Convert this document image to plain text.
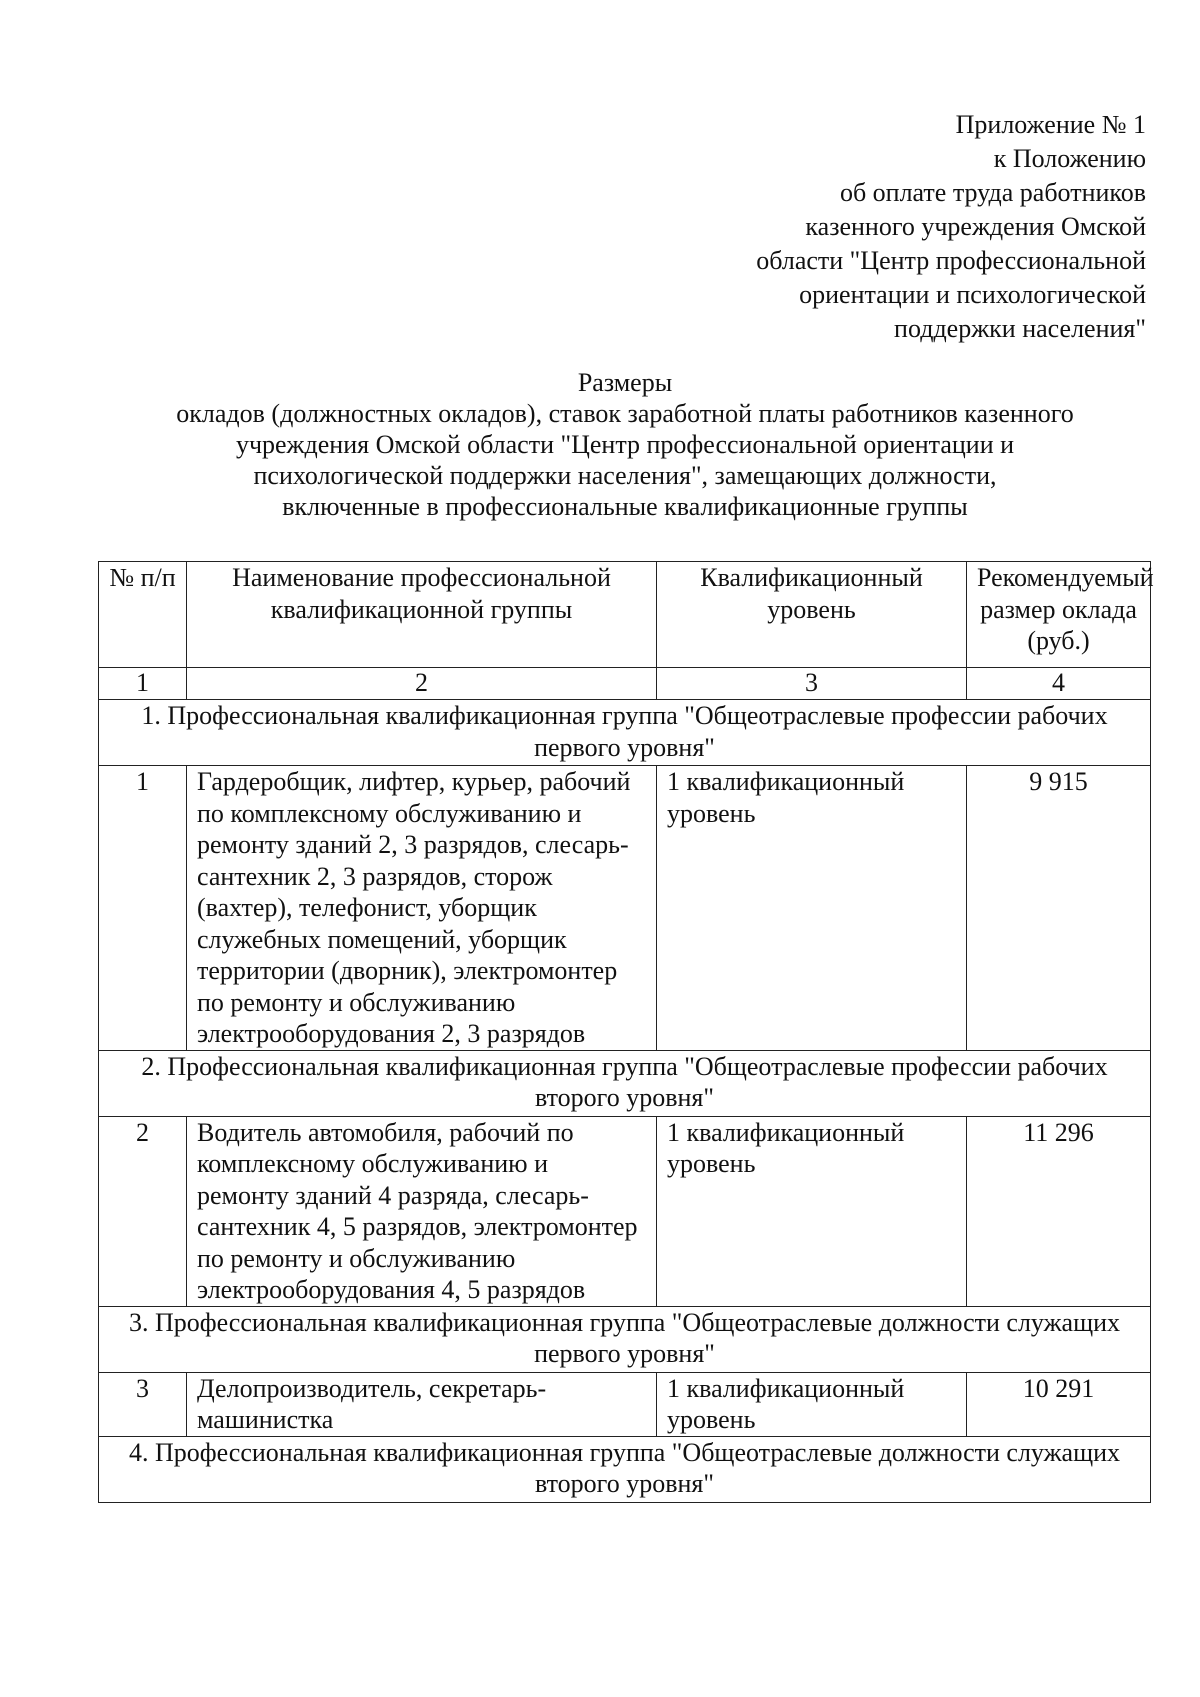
Приложение № 1
к Положению
об оплате труда работников
казенного учреждения Омской
области "Центр профессиональной
ориентации и психологической
поддержки населения"
Размеры
окладов (должностных окладов), ставок заработной платы работников казенного
учреждения Омской области "Центр профессиональной ориентации и
психологической поддержки населения", замещающих должности,
включенные в профессиональные квалификационные группы
№ п/п	Наименование профессиональной квалификационной группы	Квалификационный уровень	Рекомендуемый размер оклада (руб.)
1	2	3	4
1. Профессиональная квалификационная группа "Общеотраслевые профессии рабочих первого уровня"			
1	Гардеробщик, лифтер, курьер, рабочий по комплексному обслуживанию и ремонту зданий 2, 3 разрядов, слесарь-сантехник 2, 3 разрядов, сторож (вахтер), телефонист, уборщик служебных помещений, уборщик территории (дворник), электромонтер по ремонту и обслуживанию электрооборудования 2, 3 разрядов	1 квалификационный уровень	9 915
2. Профессиональная квалификационная группа "Общеотраслевые профессии рабочих второго уровня"			
2	Водитель автомобиля, рабочий по комплексному обслуживанию и ремонту зданий 4 разряда, слесарь-сантехник 4, 5 разрядов, электромонтер по ремонту и обслуживанию электрооборудования 4, 5 разрядов	1 квалификационный уровень	11 296
3. Профессиональная квалификационная группа "Общеотраслевые должности служащих первого уровня"			
3	Делопроизводитель, секретарь-машинистка	1 квалификационный уровень	10 291
4. Профессиональная квалификационная группа "Общеотраслевые должности служащих второго уровня"			
